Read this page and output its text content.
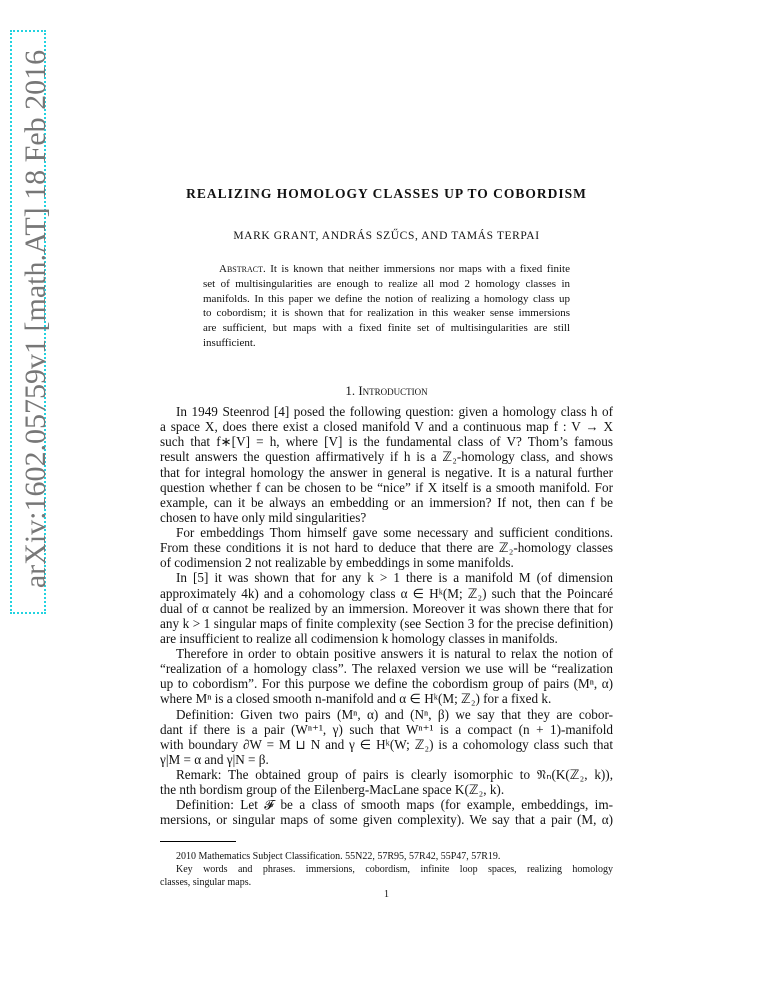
arXiv:1602.05759v1 [math.AT] 18 Feb 2016	REALIZING HOMOLOGY CLASSES UP TO COBORDISM
MARK GRANT, ANDRÁS SZŰCS, AND TAMÁS TERPAI
Abstract. It is known that neither immersions nor maps with a fixed finite
set of multisingularities are enough to realize all mod 2 homology classes in
manifolds. In this paper we define the notion of realizing a homology class up
to cobordism; it is shown that for realization in this weaker sense immersions
are sufficient, but maps with a fixed finite set of multisingularities are still
insufficient.
1. Introduction
In 1949 Steenrod [4] posed the following question: given a homology class h of
a space X, does there exist a closed manifold V and a continuous map f : V → X
such that f∗[V] = h, where [V] is the fundamental class of V? Thom’s famous
result answers the question affirmatively if h is a ℤ₂-homology class, and shows
that for integral homology the answer in general is negative. It is a natural further
question whether f can be chosen to be “nice” if X itself is a smooth manifold. For
example, can it be always an embedding or an immersion? If not, then can f be
chosen to have only mild singularities?
For embeddings Thom himself gave some necessary and sufficient conditions.
From these conditions it is not hard to deduce that there are ℤ₂-homology classes
of codimension 2 not realizable by embeddings in some manifolds.
In [5] it was shown that for any k > 1 there is a manifold M (of dimension
approximately 4k) and a cohomology class α ∈ Hᵏ(M; ℤ₂) such that the Poincaré
dual of α cannot be realized by an immersion. Moreover it was shown there that for
any k > 1 singular maps of finite complexity (see Section 3 for the precise definition)
are insufficient to realize all codimension k homology classes in manifolds.
Therefore in order to obtain positive answers it is natural to relax the notion of
“realization of a homology class”. The relaxed version we use will be “realization
up to cobordism”. For this purpose we define the cobordism group of pairs (Mⁿ, α)
where Mⁿ is a closed smooth n-manifold and α ∈ Hᵏ(M; ℤ₂) for a fixed k.
Definition: Given two pairs (Mⁿ, α) and (Nⁿ, β) we say that they are cobor-
dant if there is a pair (Wⁿ⁺¹, γ) such that Wⁿ⁺¹ is a compact (n + 1)-manifold
with boundary ∂W = M ⊔ N and γ ∈ Hᵏ(W; ℤ₂) is a cohomology class such that
γ|M = α and γ|N = β.
Remark: The obtained group of pairs is clearly isomorphic to 𝔑ₙ(K(ℤ₂, k)),
the nth bordism group of the Eilenberg-MacLane space K(ℤ₂, k).
Definition: Let 𝓕 be a class of smooth maps (for example, embeddings, im-
mersions, or singular maps of some given complexity). We say that a pair (M, α)
2010 Mathematics Subject Classification. 55N22, 57R95, 57R42, 55P47, 57R19.
Key words and phrases. immersions, cobordism, infinite loop spaces, realizing homology
classes, singular maps.
1
